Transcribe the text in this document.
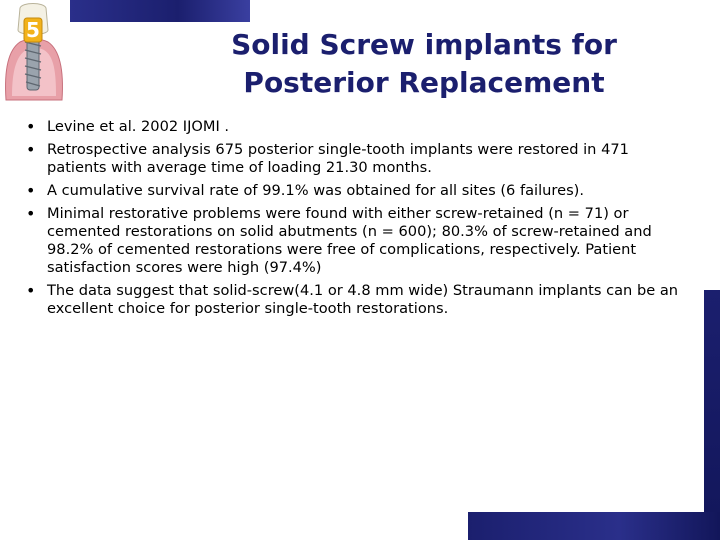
5	Solid Screw implants for
Posterior Replacement
• Levine et al. 2002 IJOMI .
• Retrospective analysis 675 posterior single-tooth implants were restored in 471 patients with average time of loading 21.30 months.
• A cumulative survival rate of 99.1% was obtained for all sites (6 failures).
• Minimal restorative problems were found with either screw-retained (n = 71) or cemented restorations on solid abutments (n = 600); 80.3% of screw-retained and 98.2% of cemented restorations were free of complications, respectively. Patient satisfaction scores were high (97.4%)
• The data suggest that solid-screw(4.1 or 4.8 mm wide) Straumann implants can be an excellent choice for posterior single-tooth restorations.
